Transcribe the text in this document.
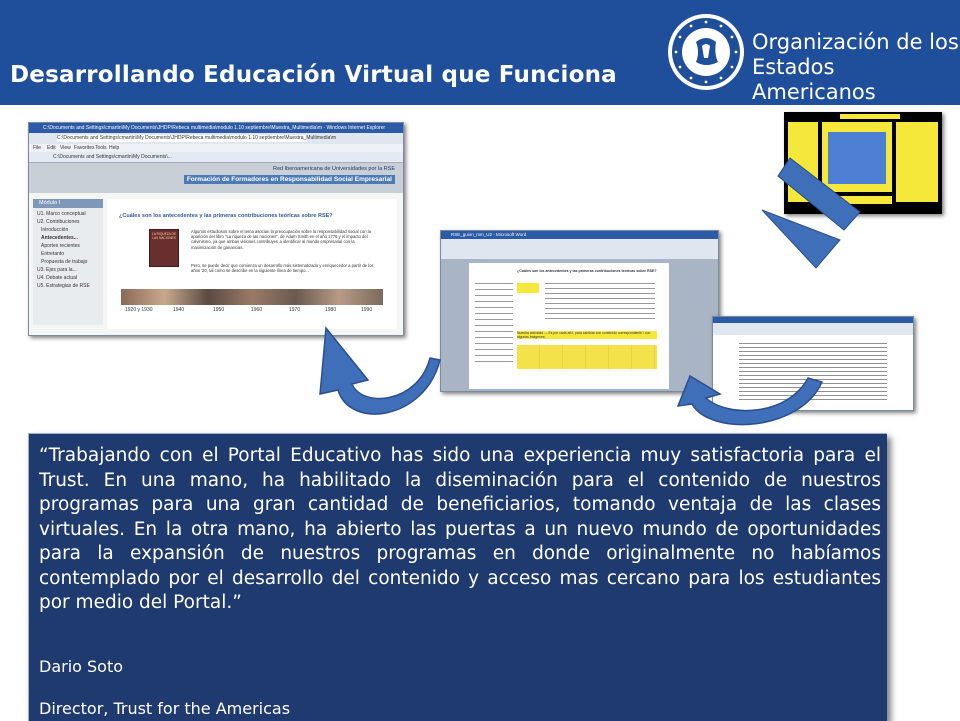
Desarrollando Educación Virtual que Funciona
Organización de los
Estados Americanos
C:\Documents and Settings\cmartin\My Documents\JHDP\Rebeca multimedia\modulo 1.10 septiembre\Muestra_Multimedia\m - Windows Internet Explorer
C:\Documents and Settings\cmartin\My Documents\JHDP\Rebeca multimedia\modulo 1.10 septiembre\Muestra_Multimedia\m
File Edit View Favorites Tools Help
C:\Documents and Settings\cmartin\My Documents\...
Red Iberoamericana de Universidades por la RSE
Formación de Formadores en Responsabilidad Social Empresarial
Módulo I
U1. Marco conceptual
U2. Contribuciones
Introducción
Antecedentes...
Aportes recientes
Entretanto
Propuesta de trabajo
U3. Ejes para la...
U4. Debate actual
U5. Estrategias de RSE
¿Cuáles son los antecedentes y las primeras contribuciones teóricas sobre RSE?
LA RIQUEZA DE LAS NACIONES
Algunos estudiosos sobre el tema asocian la preocupación sobre la responsabilidad social con la aparición del libro "La riqueza de las naciones", de Adam Smith en el año 1776 y el impacto del calvinismo, ya que ambas visiones contribuyen a identificar al mundo empresarial con la maximización de ganancias.
Pero, se puede decir que comienza un desarrollo más sistematizado y enriquecedor a partir de los años '20, tal como se describe en la siguiente línea de tiempo...
1920 y 1930	1940	1950	1960	1970	1980	1990
RSE_guion_mm_U2 - Microsoft Word
¿Cuáles son los antecedentes y las primeras contribuciones teóricas sobre RSE?
Nuestra actividad — Es por cada año, para cambiar con contenido correspondiente / con algunas imágenes:
“Trabajando con el Portal Educativo has sido una experiencia muy satisfactoria para el Trust. En una mano, ha habilitado la diseminación para el contenido de nuestros programas para una gran cantidad de beneficiarios, tomando ventaja de las clases virtuales. En la otra mano, ha abierto las puertas a un nuevo mundo de oportunidades para la expansión de nuestros programas en donde originalmente no habíamos contemplado por el desarrollo del contenido y acceso mas cercano para los estudiantes por medio del Portal.”
Dario Soto
Director, Trust for the Americas
